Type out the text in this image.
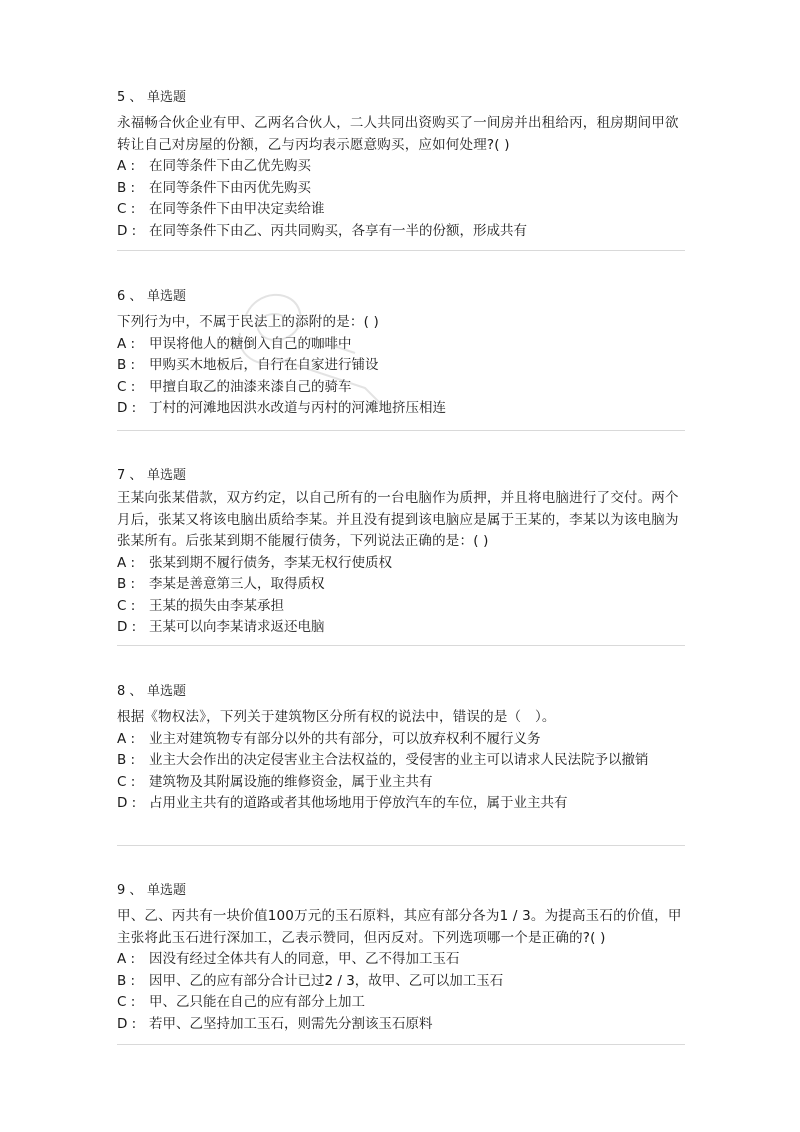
5 、 单选题
永福畅合伙企业有甲、乙两名合伙人，二人共同出资购买了一间房并出租给丙，租房期间甲欲转让自己对房屋的份额，乙与丙均表示愿意购买，应如何处理?( )
A : 在同等条件下由乙优先购买
B : 在同等条件下由丙优先购买
C : 在同等条件下由甲决定卖给谁
D : 在同等条件下由乙、丙共同购买，各享有一半的份额，形成共有
6 、 单选题
下列行为中，不属于民法上的添附的是：( )
A : 甲误将他人的糖倒入自己的咖啡中
B : 甲购买木地板后，自行在自家进行铺设
C : 甲擅自取乙的油漆来漆自己的骑车
D : 丁村的河滩地因洪水改道与丙村的河滩地挤压相连
7 、 单选题
王某向张某借款，双方约定，以自己所有的一台电脑作为质押，并且将电脑进行了交付。两个月后，张某又将该电脑出质给李某。并且没有提到该电脑应是属于王某的，李某以为该电脑为张某所有。后张某到期不能履行债务，下列说法正确的是：( )
A : 张某到期不履行债务，李某无权行使质权
B : 李某是善意第三人，取得质权
C : 王某的损失由李某承担
D : 王某可以向李某请求返还电脑
8 、 单选题
根据《物权法》，下列关于建筑物区分所有权的说法中，错误的是（　）。
A : 业主对建筑物专有部分以外的共有部分，可以放弃权利不履行义务
B : 业主大会作出的决定侵害业主合法权益的，受侵害的业主可以请求人民法院予以撤销
C : 建筑物及其附属设施的维修资金，属于业主共有
D : 占用业主共有的道路或者其他场地用于停放汽车的车位，属于业主共有
9 、 单选题
甲、乙、丙共有一块价值100万元的玉石原料，其应有部分各为1 / 3。为提高玉石的价值，甲主张将此玉石进行深加工，乙表示赞同，但丙反对。下列选项哪一个是正确的?( )
A : 因没有经过全体共有人的同意，甲、乙不得加工玉石
B : 因甲、乙的应有部分合计已过2 / 3，故甲、乙可以加工玉石
C : 甲、乙只能在自己的应有部分上加工
D : 若甲、乙坚持加工玉石，则需先分割该玉石原料
